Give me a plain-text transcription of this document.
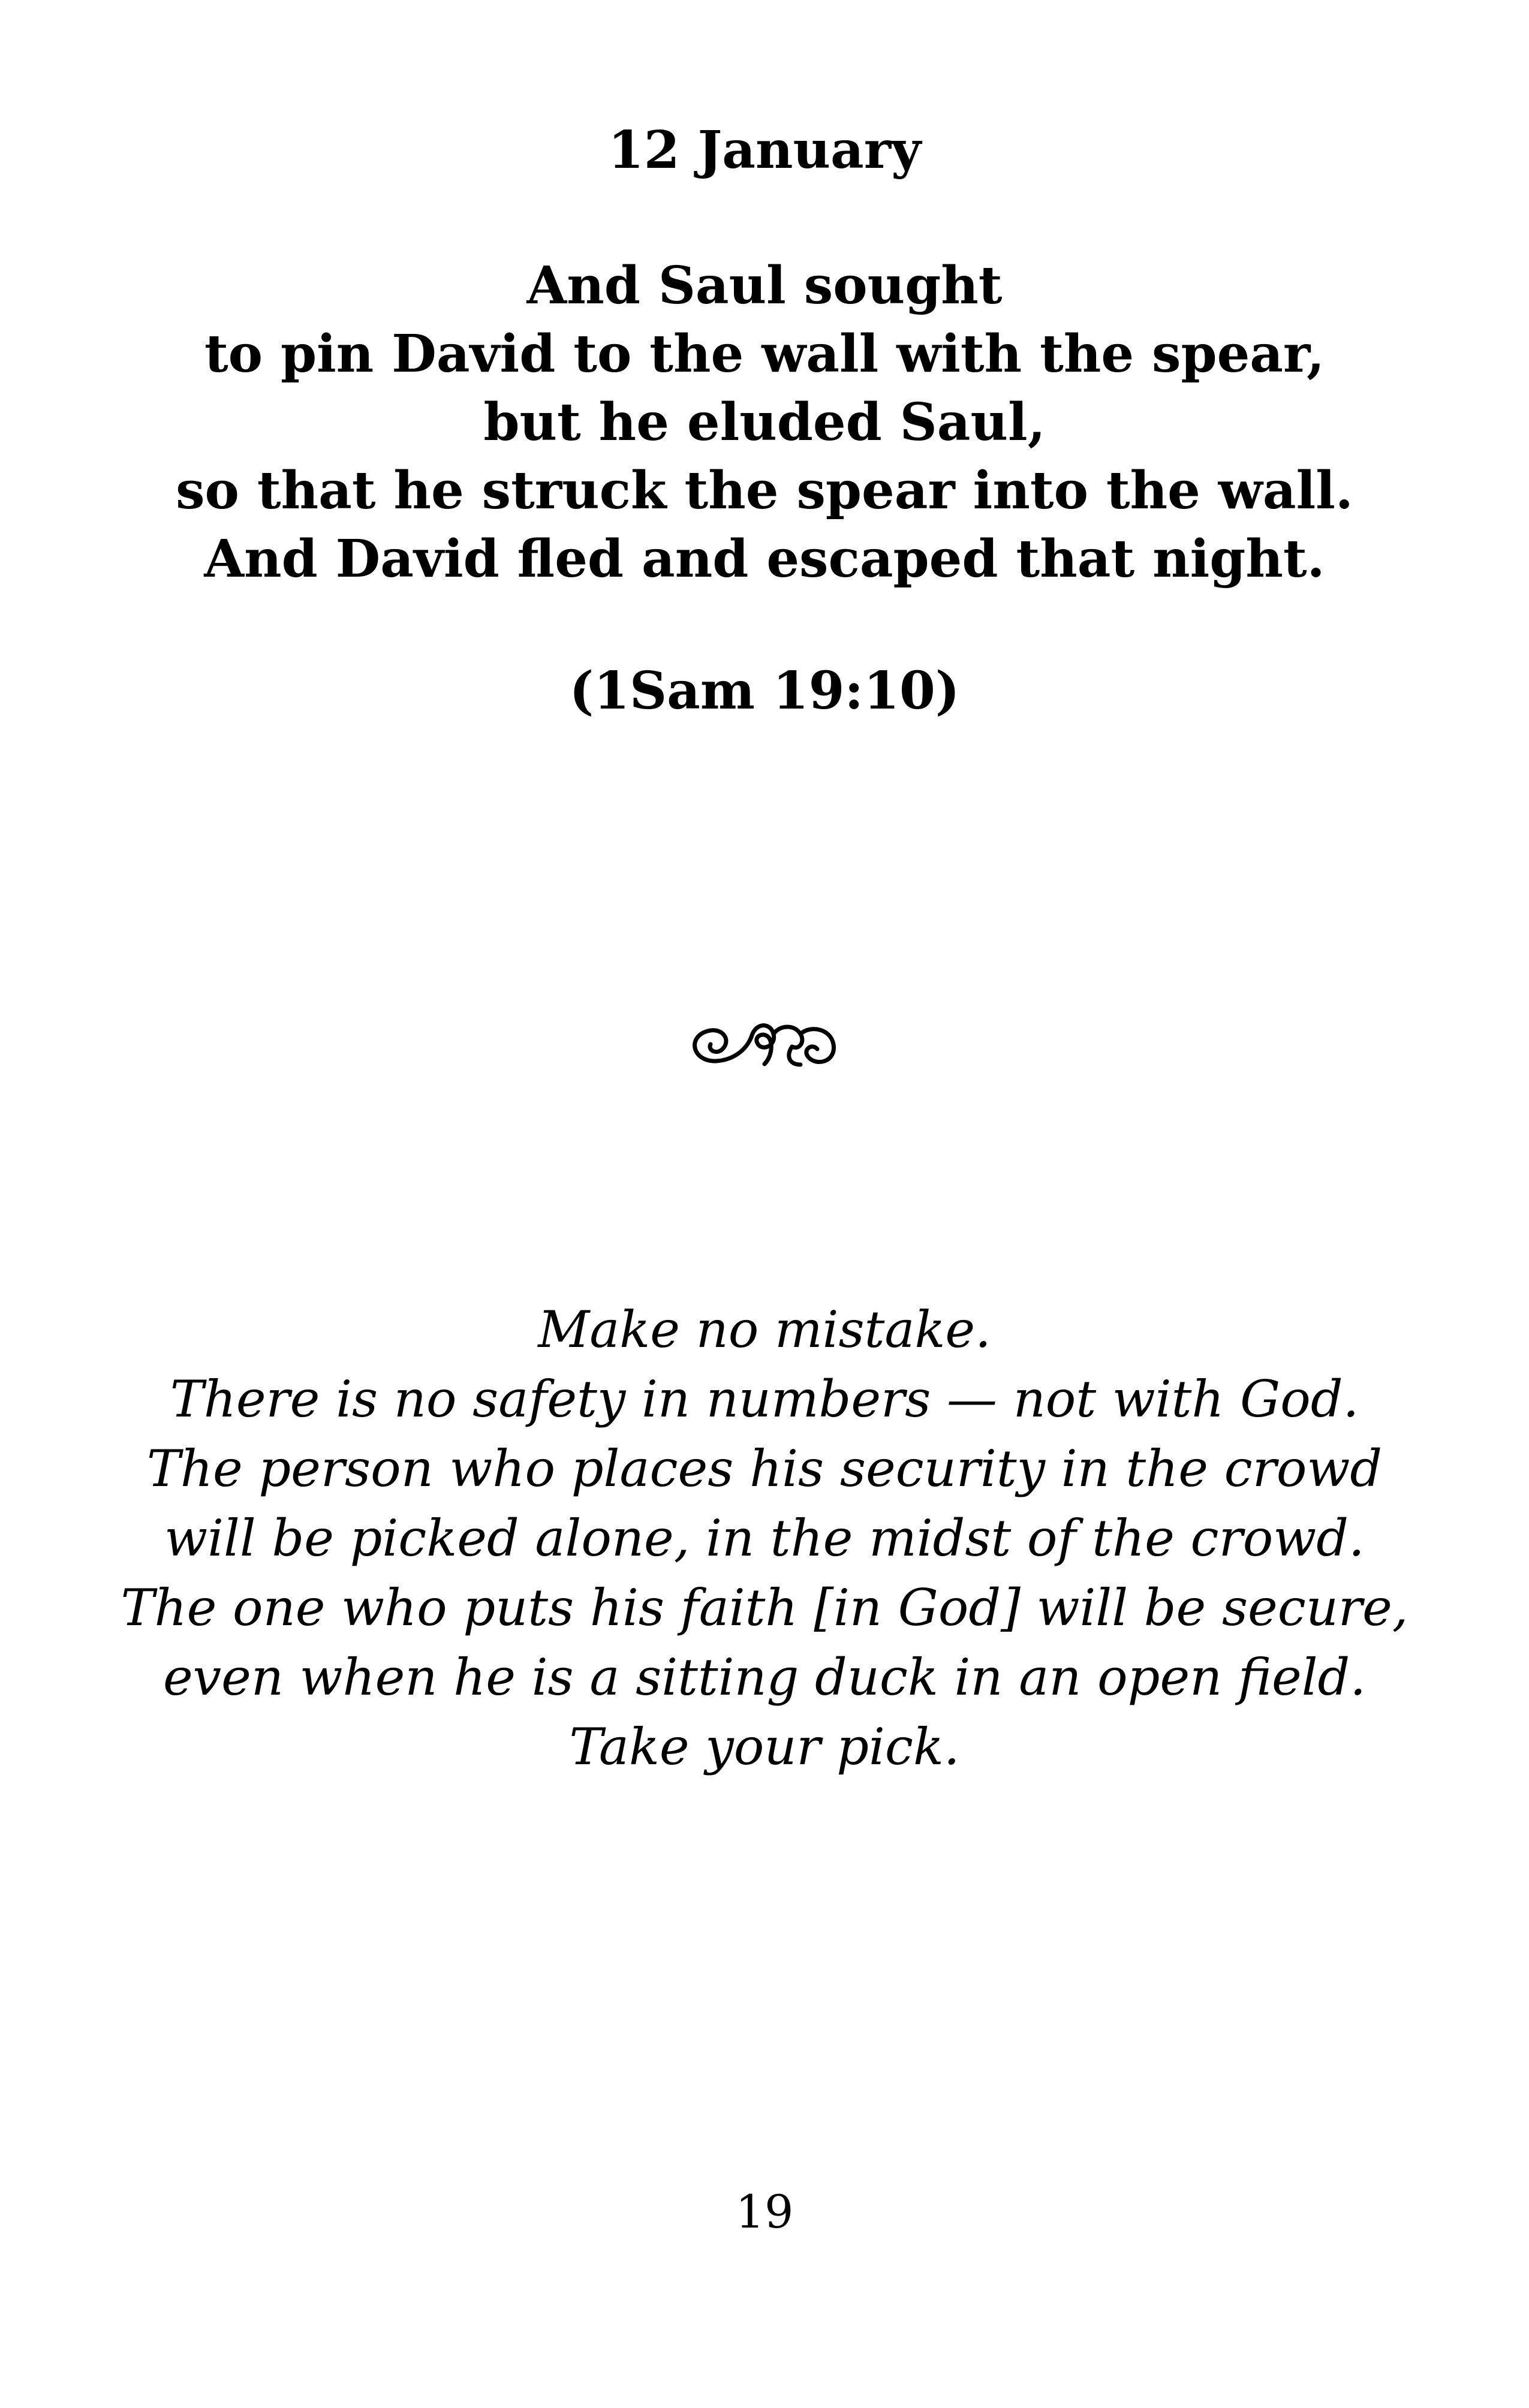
12 January
And Saul sought
to pin David to the wall with the spear,
but he eluded Saul,
so that he struck the spear into the wall.
And David fled and escaped that night.
(1Sam 19:10)
Make no mistake.
There is no safety in numbers — not with God.
The person who places his security in the crowd
will be picked alone, in the midst of the crowd.
The one who puts his faith [in God] will be secure,
even when he is a sitting duck in an open field.
Take your pick.
19
